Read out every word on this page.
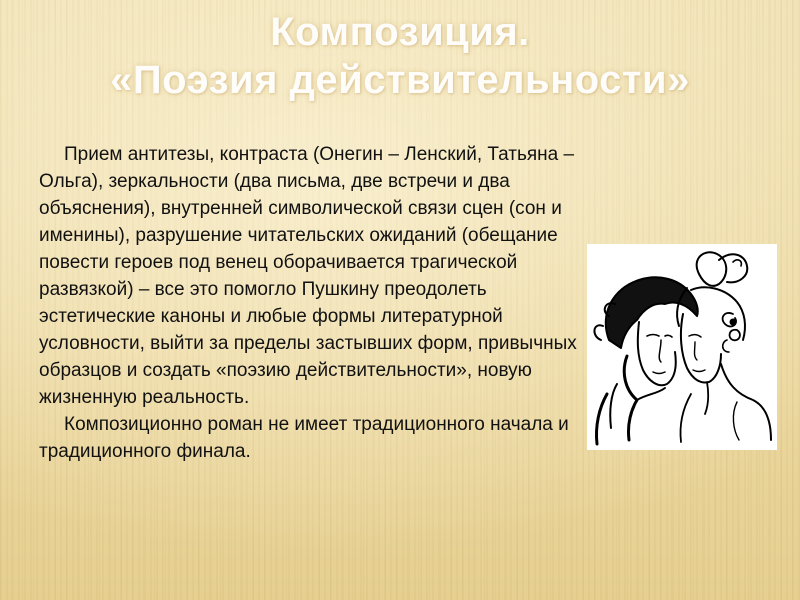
Композиция.
«Поэзия действительности»

Прием антитезы, контраста (Онегин – Ленский, Татьяна – Ольга), зеркальности (два письма, две встречи и два объяснения), внутренней символической связи сцен (сон и именины), разрушение читательских ожиданий (обещание повести героев под венец оборачивается трагической развязкой) – все это помогло Пушкину преодолеть эстетические каноны и любые формы литературной условности, выйти за пределы застывших форм, привычных образцов и создать «поэзию действительности», новую жизненную реальность.

Композиционно роман не имеет традиционного начала и традиционного финала.
